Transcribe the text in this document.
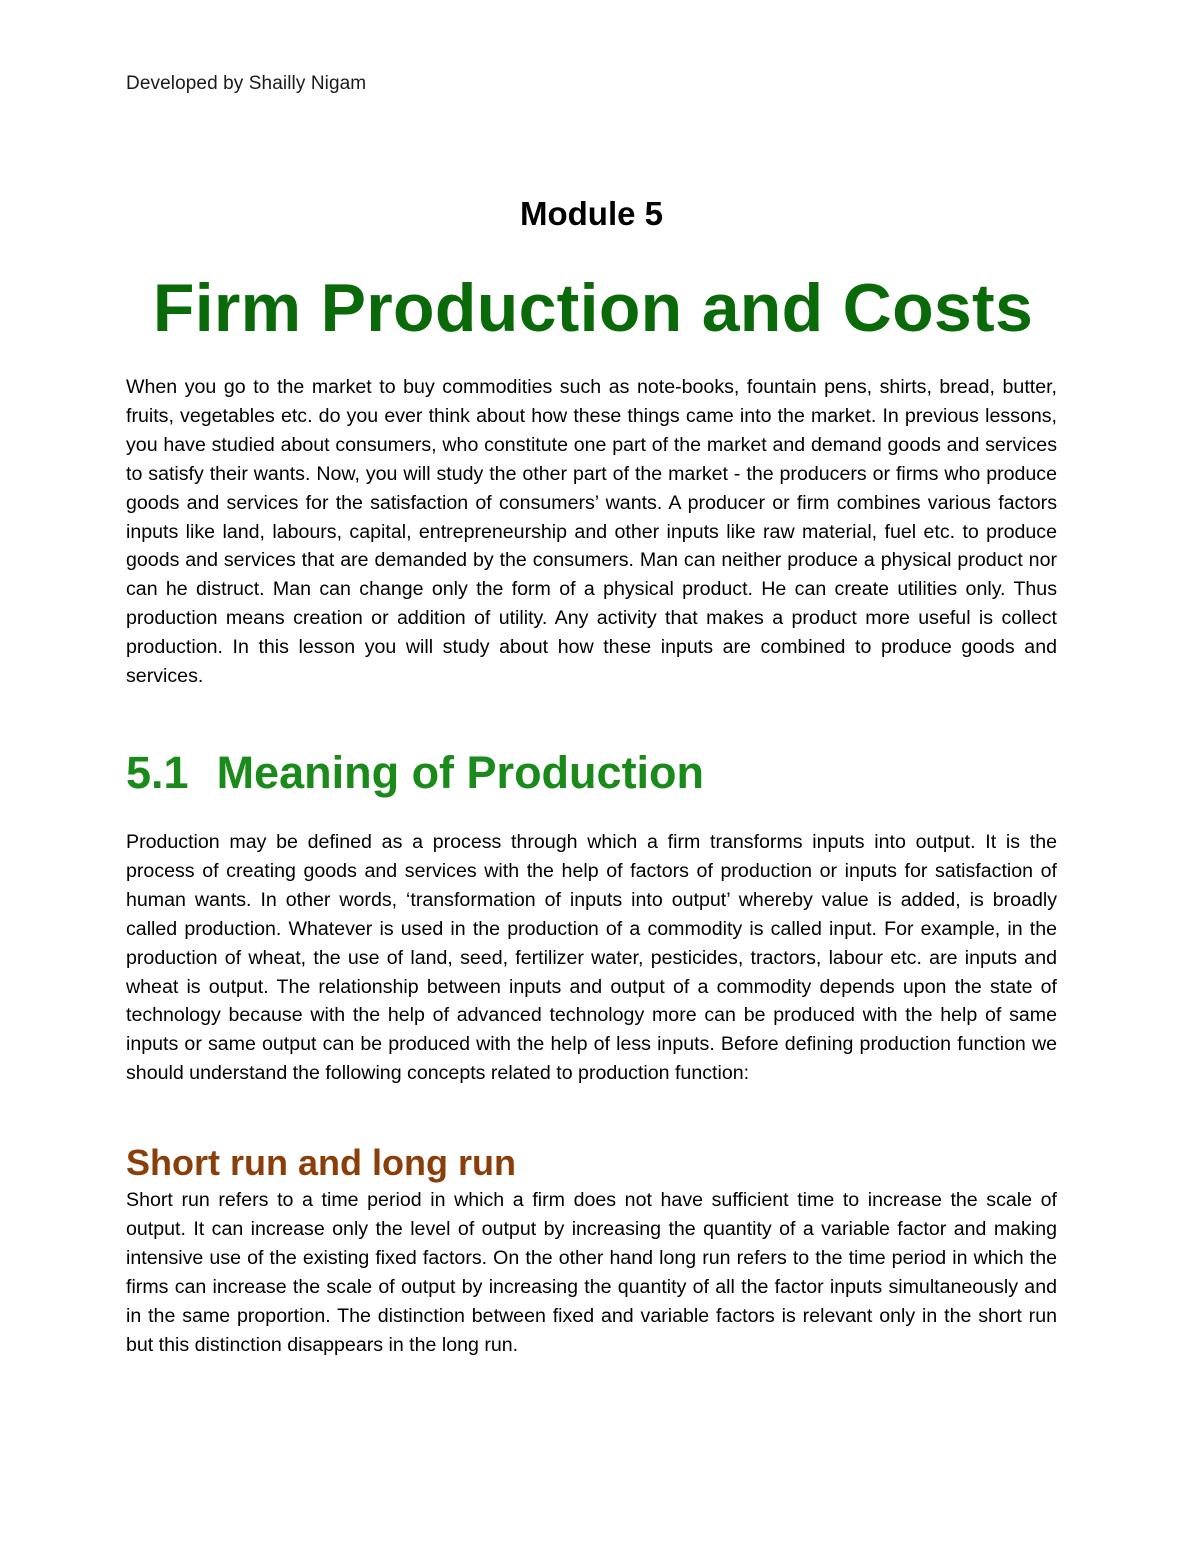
Developed by Shailly Nigam
Module 5
Firm Production and Costs

When you go to the market to buy commodities such as note-books, fountain pens, shirts, bread, butter, fruits, vegetables etc. do you ever think about how these things came into the market. In previous lessons, you have studied about consumers, who constitute one part of the market and demand goods and services to satisfy their wants. Now, you will study the other part of the market - the producers or firms who produce goods and services for the satisfaction of consumers’ wants. A producer or firm combines various factors inputs like land, labours, capital, entrepreneurship and other inputs like raw material, fuel etc. to produce goods and services that are demanded by the consumers. Man can neither produce a physical product nor can he distruct. Man can change only the form of a physical product. He can create utilities only. Thus production means creation or addition of utility. Any activity that makes a product more useful is collect production. In this lesson you will study about how these inputs are combined to produce goods and services.

5.1 Meaning of Production

Production may be defined as a process through which a firm transforms inputs into output. It is the process of creating goods and services with the help of factors of production or inputs for satisfaction of human wants. In other words, ‘transformation of inputs into output’ whereby value is added, is broadly called production. Whatever is used in the production of a commodity is called input. For example, in the production of wheat, the use of land, seed, fertilizer water, pesticides, tractors, labour etc. are inputs and wheat is output. The relationship between inputs and output of a commodity depends upon the state of technology because with the help of advanced technology more can be produced with the help of same inputs or same output can be produced with the help of less inputs. Before defining production function we should understand the following concepts related to production function:

Short run and long run

Short run refers to a time period in which a firm does not have sufficient time to increase the scale of output. It can increase only the level of output by increasing the quantity of a variable factor and making intensive use of the existing fixed factors. On the other hand long run refers to the time period in which the firms can increase the scale of output by increasing the quantity of all the factor inputs simultaneously and in the same proportion. The distinction between fixed and variable factors is relevant only in the short run but this distinction disappears in the long run.
